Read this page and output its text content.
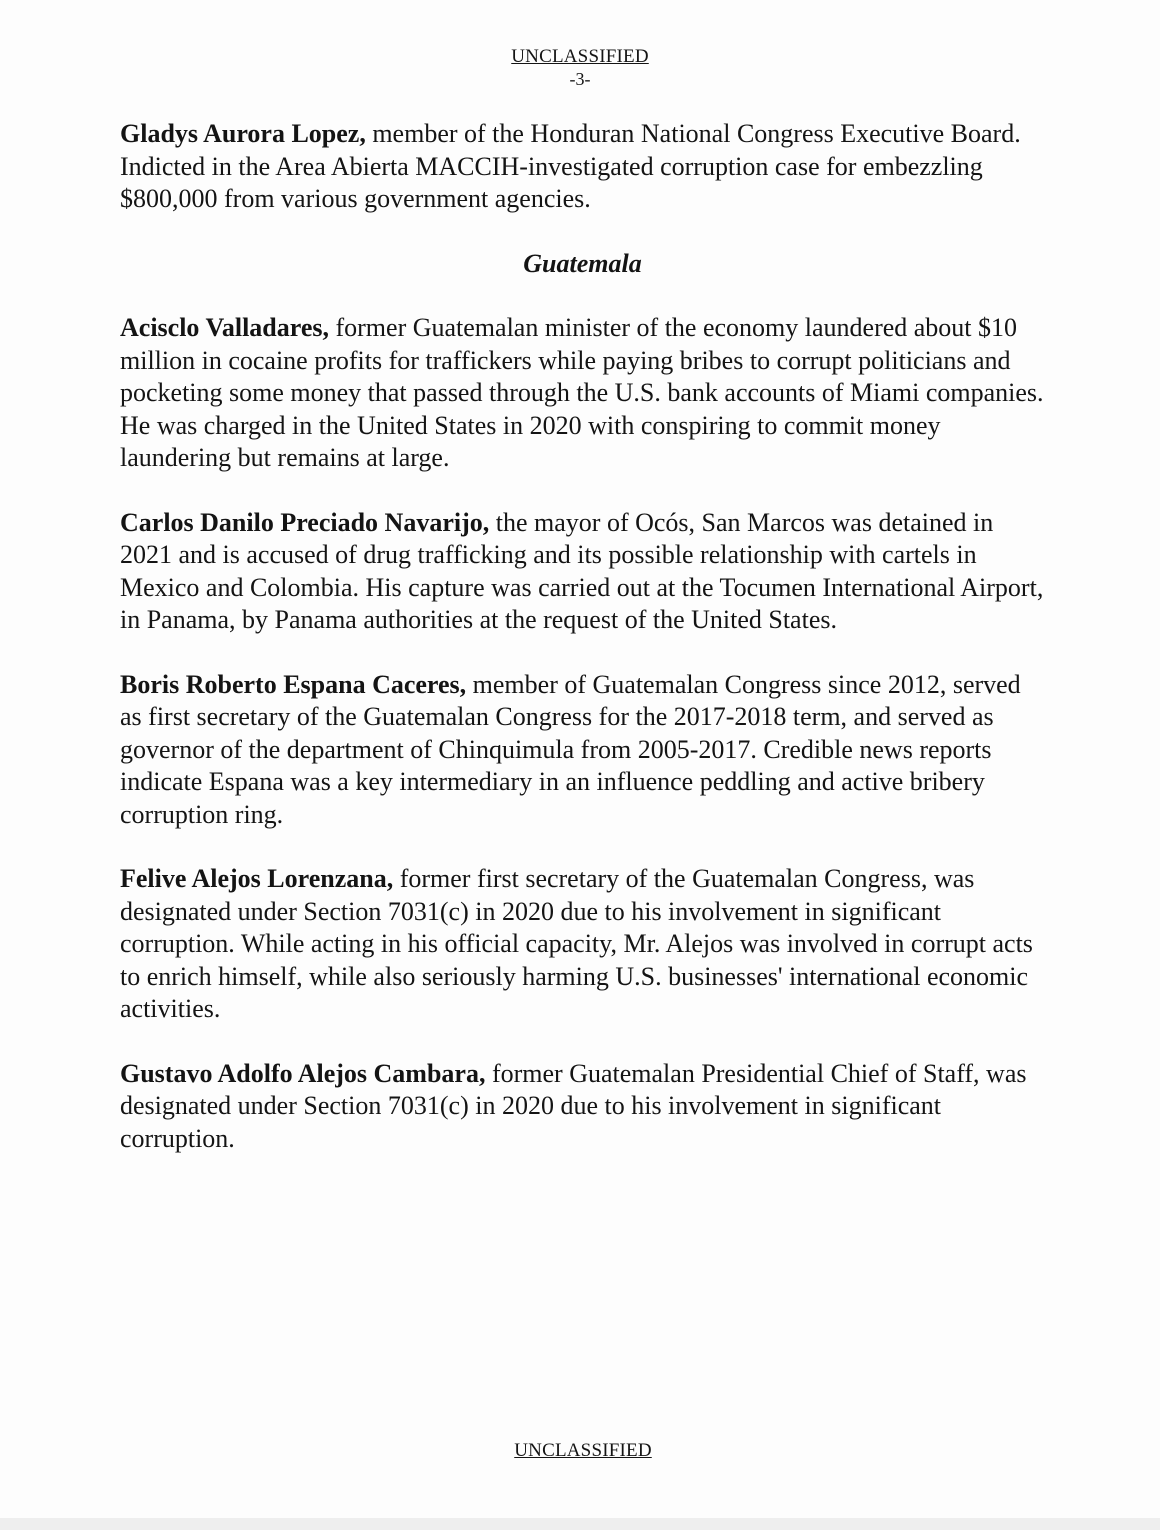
UNCLASSIFIED
-3-

Gladys Aurora Lopez, member of the Honduran National Congress Executive Board. Indicted in the Area Abierta MACCIH-investigated corruption case for embezzling $800,000 from various government agencies.

Guatemala

Acisclo Valladares, former Guatemalan minister of the economy laundered about $10 million in cocaine profits for traffickers while paying bribes to corrupt politicians and pocketing some money that passed through the U.S. bank accounts of Miami companies. He was charged in the United States in 2020 with conspiring to commit money laundering but remains at large.

Carlos Danilo Preciado Navarijo, the mayor of Ocós, San Marcos was detained in 2021 and is accused of drug trafficking and its possible relationship with cartels in Mexico and Colombia. His capture was carried out at the Tocumen International Airport, in Panama, by Panama authorities at the request of the United States.

Boris Roberto Espana Caceres, member of Guatemalan Congress since 2012, served as first secretary of the Guatemalan Congress for the 2017-2018 term, and served as governor of the department of Chinquimula from 2005-2017. Credible news reports indicate Espana was a key intermediary in an influence peddling and active bribery corruption ring.

Felive Alejos Lorenzana, former first secretary of the Guatemalan Congress, was designated under Section 7031(c) in 2020 due to his involvement in significant corruption. While acting in his official capacity, Mr. Alejos was involved in corrupt acts to enrich himself, while also seriously harming U.S. businesses' international economic activities.

Gustavo Adolfo Alejos Cambara, former Guatemalan Presidential Chief of Staff, was designated under Section 7031(c) in 2020 due to his involvement in significant corruption.

UNCLASSIFIED
